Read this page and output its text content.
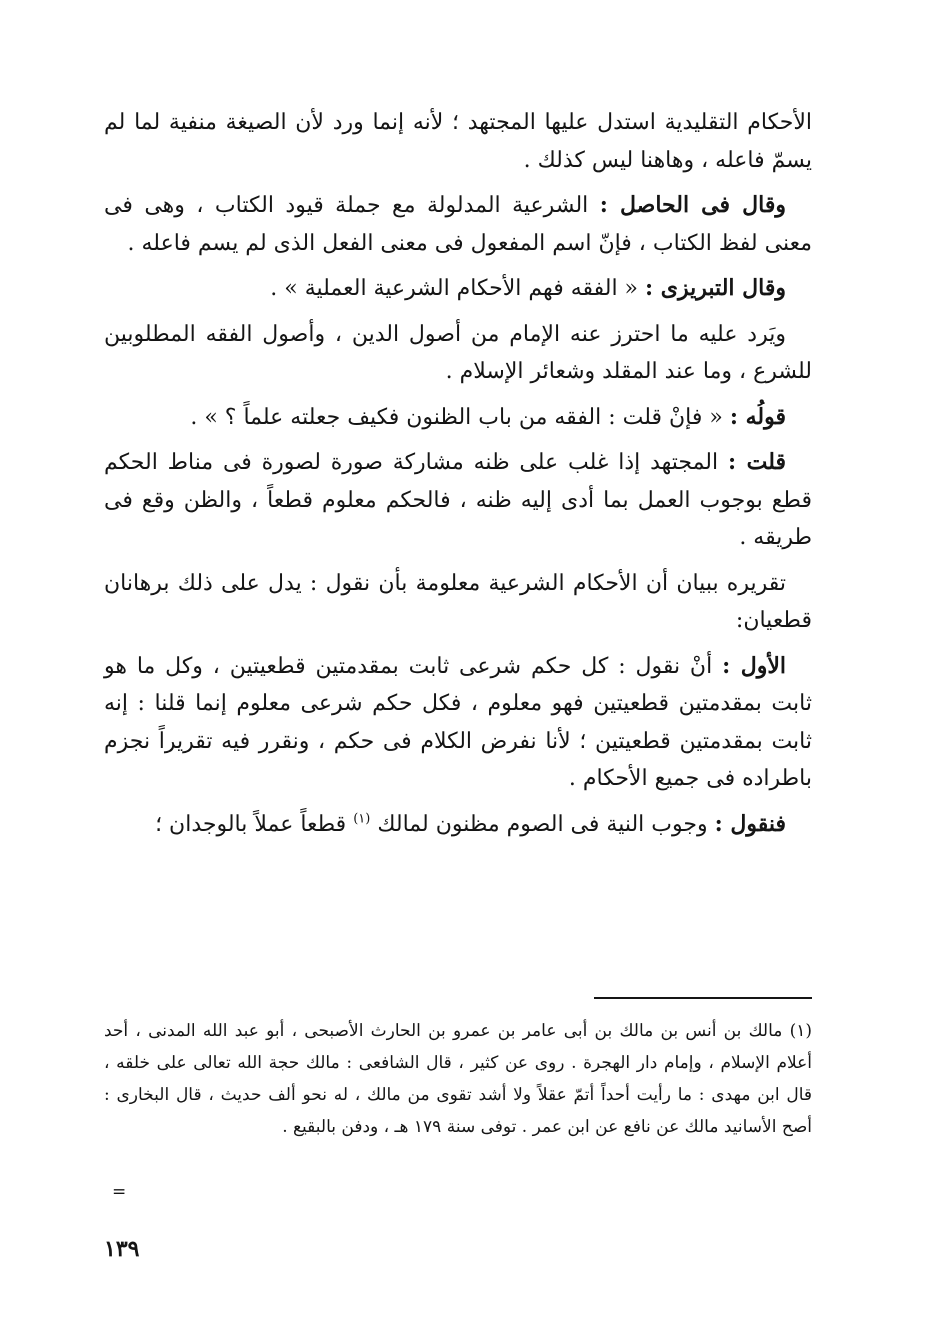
الأحكام التقليدية استدل عليها المجتهد ؛ لأنه إنما ورد لأن الصيغة منفية لما لم يسمّ فاعله ، وهاهنا ليس كذلك .

وقال فى الحاصل : الشرعية المدلولة مع جملة قيود الكتاب ، وهى فى معنى لفظ الكتاب ، فإنّ اسم المفعول فى معنى الفعل الذى لم يسم فاعله .

وقال التبريزى : « الفقه فهم الأحكام الشرعية العملية » .

ويَرد عليه ما احترز عنه الإمام من أصول الدين ، وأصول الفقه المطلوبين للشرع ، وما عند المقلد وشعائر الإسلام .

قولُه : « فإنْ قلت : الفقه من باب الظنون فكيف جعلته علماً ؟ » .

قلت : المجتهد إذا غلب على ظنه مشاركة صورة لصورة فى مناط الحكم قطع بوجوب العمل بما أدى إليه ظنه ، فالحكم معلوم قطعاً ، والظن وقع فى طريقه .

تقريره ببيان أن الأحكام الشرعية معلومة بأن نقول : يدل على ذلك برهانان قطعيان:

الأول : أنْ نقول : كل حكم شرعى ثابت بمقدمتين قطعيتين ، وكل ما هو ثابت بمقدمتين قطعيتين فهو معلوم ، فكل حكم شرعى معلوم إنما قلنا : إنه ثابت بمقدمتين قطعيتين ؛ لأنا نفرض الكلام فى حكم ، ونقرر فيه تقريراً نجزم باطراده فى جميع الأحكام .

فنقول : وجوب النية فى الصوم مظنون لمالك $^{(١)}$ قطعاً عملاً بالوجدان ؛

(١) مالك بن أنس بن مالك بن أبى عامر بن عمرو بن الحارث الأصبحى ، أبو عبد الله المدنى ، أحد أعلام الإسلام ، وإمام دار الهجرة . روى عن كثير ، قال الشافعى : مالك حجة الله تعالى على خلقه ، قال ابن مهدى : ما رأيت أحداً أتمّ عقلاً ولا أشد تقوى من مالك ، له نحو ألف حديث ، قال البخارى : أصح الأسانيد مالك عن نافع عن ابن عمر . توفى سنة ١٧٩ هـ ، ودفن بالبقيع .

=
١٣٩
